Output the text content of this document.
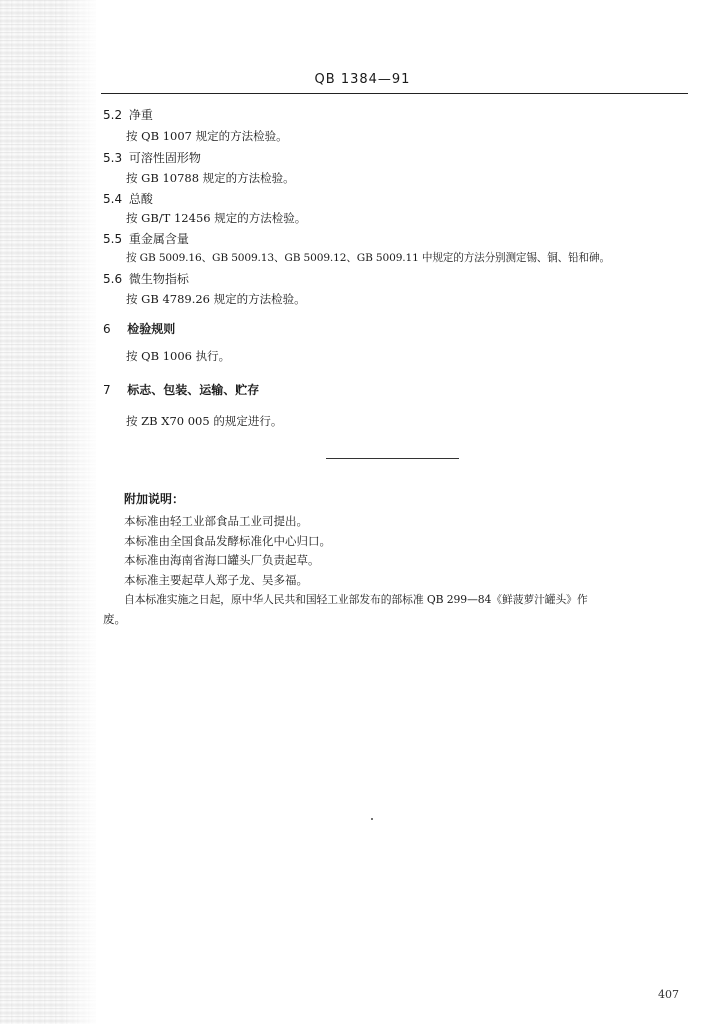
QB 1384—91
5.2 净重
按 QB 1007 规定的方法检验。
5.3 可溶性固形物
按 GB 10788 规定的方法检验。
5.4 总酸
按 GB/T 12456 规定的方法检验。
5.5 重金属含量
按 GB 5009.16、GB 5009.13、GB 5009.12、GB 5009.11 中规定的方法分别测定锡、铜、铅和砷。
5.6 微生物指标
按 GB 4789.26 规定的方法检验。
6 检验规则
按 QB 1006 执行。
7 标志、包装、运输、贮存
按 ZB X70 005 的规定进行。
附加说明：
本标准由轻工业部食品工业司提出。
本标准由全国食品发酵标准化中心归口。
本标准由海南省海口罐头厂负责起草。
本标准主要起草人郑子龙、吴多福。
自本标准实施之日起，原中华人民共和国轻工业部发布的部标准 QB 299—84《鲜菠萝汁罐头》作
废。
407
